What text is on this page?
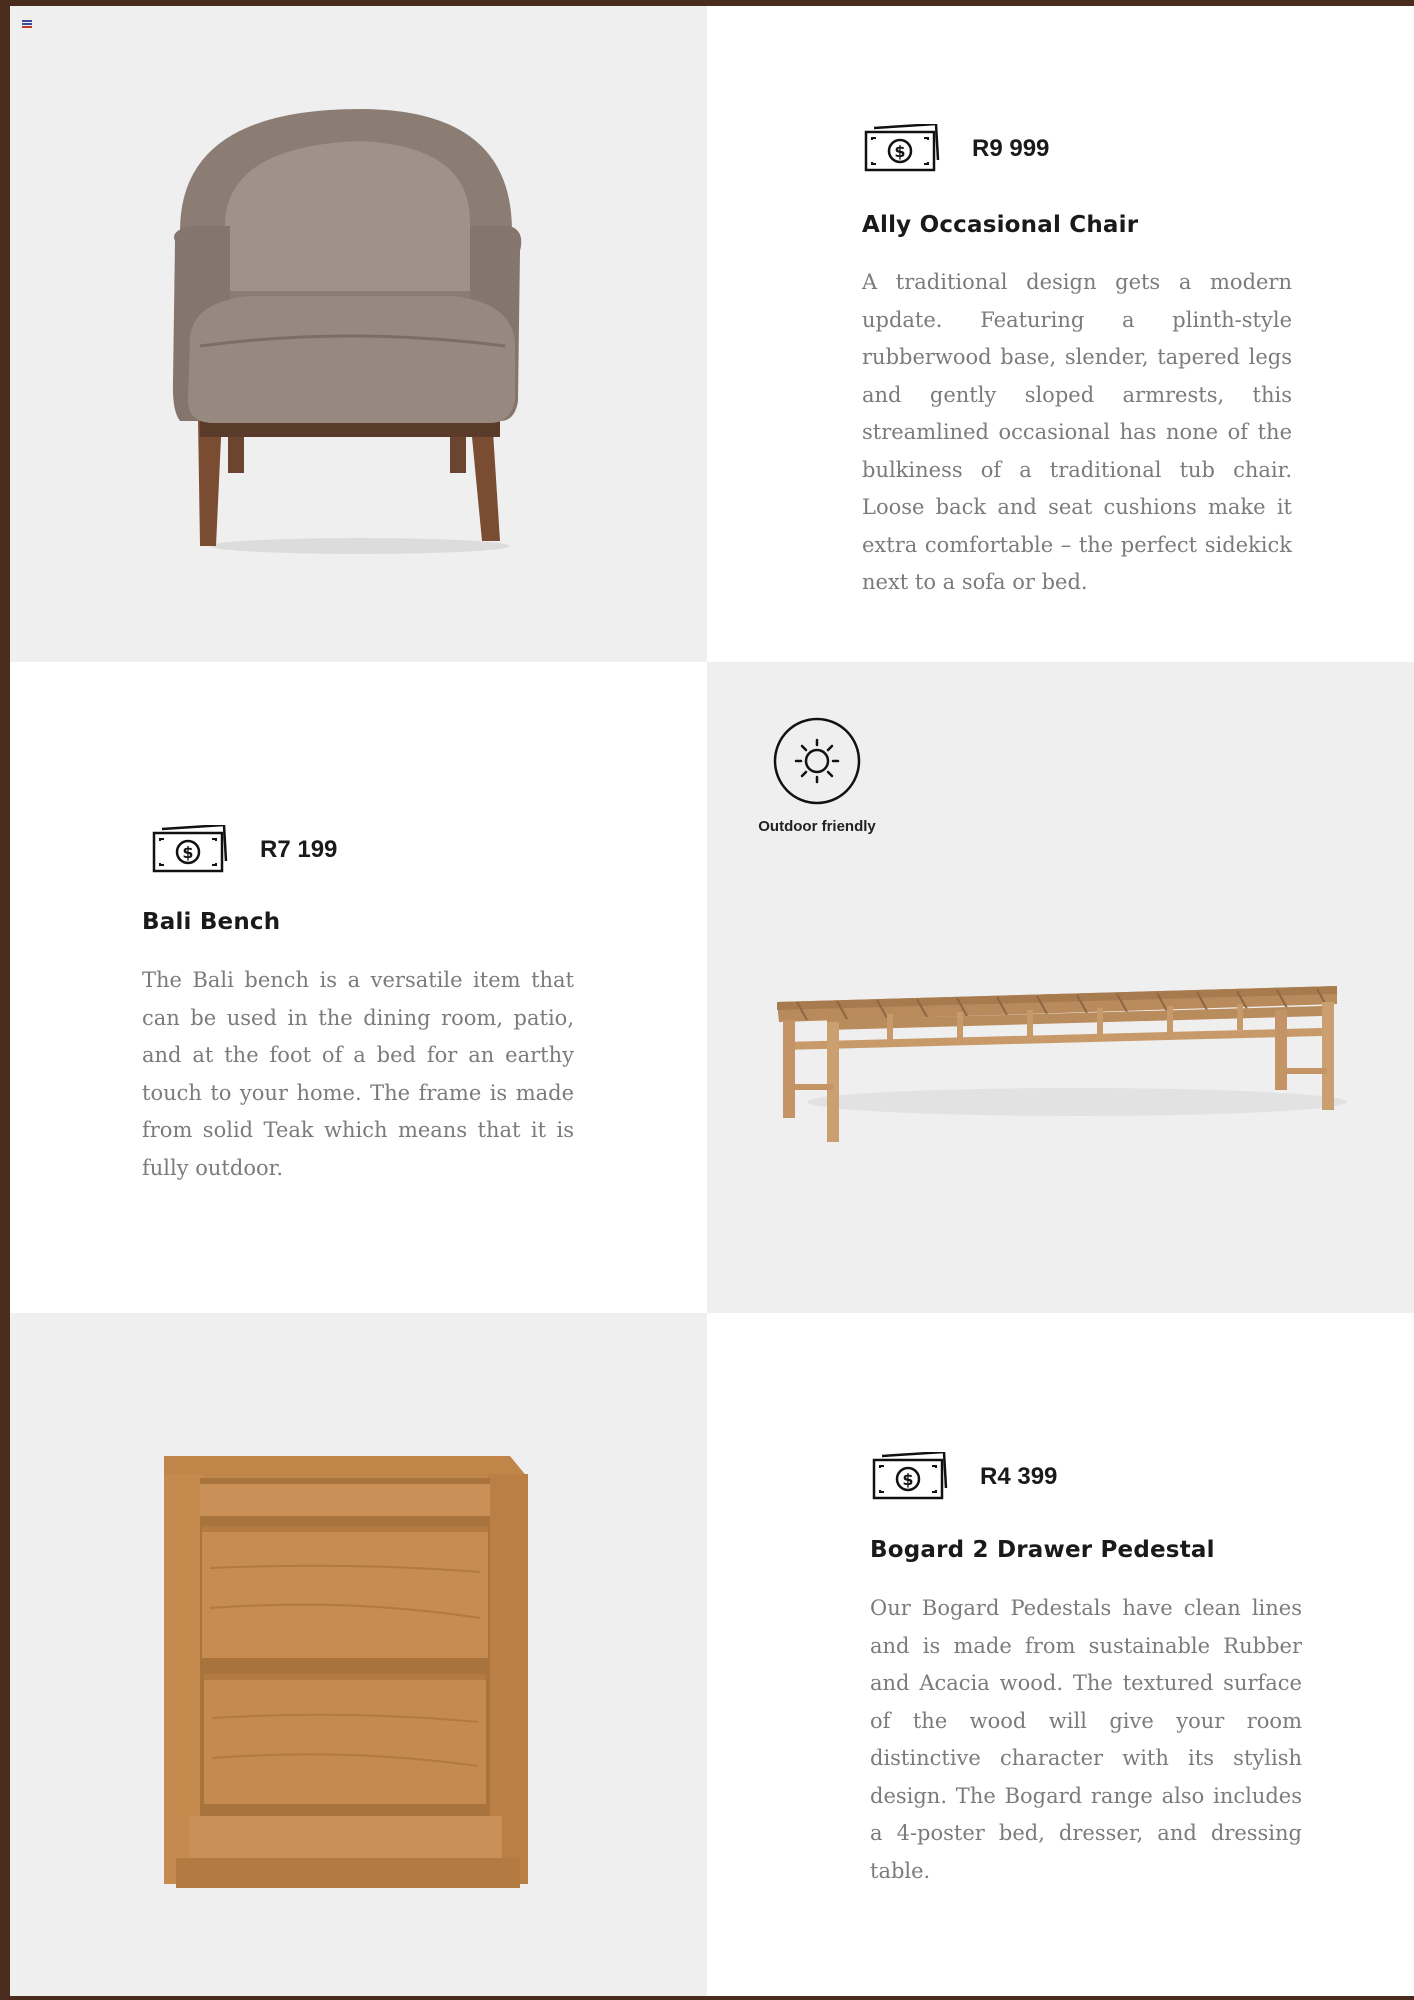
$	R9 999
Ally Occasional Chair

A traditional design gets a modern update. Featuring a plinth-style rubberwood base, slender, tapered legs and gently sloped armrests, this streamlined occasional has none of the bulkiness of a traditional tub chair. Loose back and seat cushions make it extra comfortable – the perfect sidekick next to a sofa or bed.

$	R7 199
Bali Bench

The Bali bench is a versatile item that can be used in the dining room, patio, and at the foot of a bed for an earthy touch to your home. The frame is made from solid Teak which means that it is fully outdoor.

Outdoor friendly
$	R4 399
Bogard 2 Drawer Pedestal

Our Bogard Pedestals have clean lines and is made from sustainable Rubber and Acacia wood. The textured surface of the wood will give your room distinctive character with its stylish design. The Bogard range also includes a 4-poster bed, dresser, and dressing table.
